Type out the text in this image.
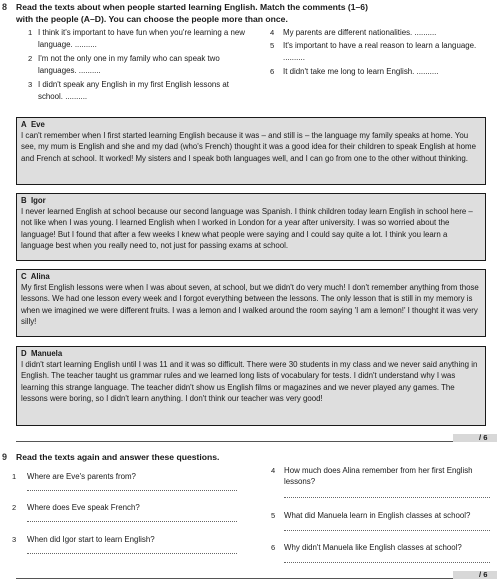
8 Read the texts about when people started learning English. Match the comments (1–6)
with the people (A–D). You can choose the people more than once.
1 I think it's important to have fun when you're learning a new language. ..........
2 I'm not the only one in my family who can speak two languages. ..........
3 I didn't speak any English in my first English lessons at school. ..........
4 My parents are different nationalities. ..........
5 It's important to have a real reason to learn a language. ..........
6 It didn't take me long to learn English. ..........
A Eve
I can't remember when I first started learning English because it was – and still is – the language my family speaks at home. You see, my mum is English and she and my dad (who's French) thought it was a good idea for their children to speak English at home and French at school. It worked! My sisters and I speak both languages well, and I can go from one to the other without thinking.
B Igor
I never learned English at school because our second language was Spanish. I think children today learn English in school here – not like when I was young. I learned English when I worked in London for a year after university. I was so worried about the language! But I found that after a few weeks I knew what people were saying and I could say quite a lot. I think you learn a language best when you really need to, not just for passing exams at school.
C Alina
My first English lessons were when I was about seven, at school, but we didn't do very much! I don't remember anything from those lessons. We had one lesson every week and I forgot everything between the lessons. The only lesson that is still in my memory is when we imagined we were different fruits. I was a lemon and I walked around the room saying 'I am a lemon!' I thought it was very silly!
D Manuela
I didn't start learning English until I was 11 and it was so difficult. There were 30 students in my class and we never said anything in English. The teacher taught us grammar rules and we learned long lists of vocabulary for tests. I didn't understand why I was learning this strange language. The teacher didn't show us English films or magazines and we never played any games. The lessons were boring, so I didn't learn anything. I don't think our teacher was very good!
/ 6
9 Read the texts again and answer these questions.
1 Where are Eve's parents from?
2 Where does Eve speak French?
3 When did Igor start to learn English?
4 How much does Alina remember from her first English lessons?
5 What did Manuela learn in English classes at school?
6 Why didn't Manuela like English classes at school?
/ 6
